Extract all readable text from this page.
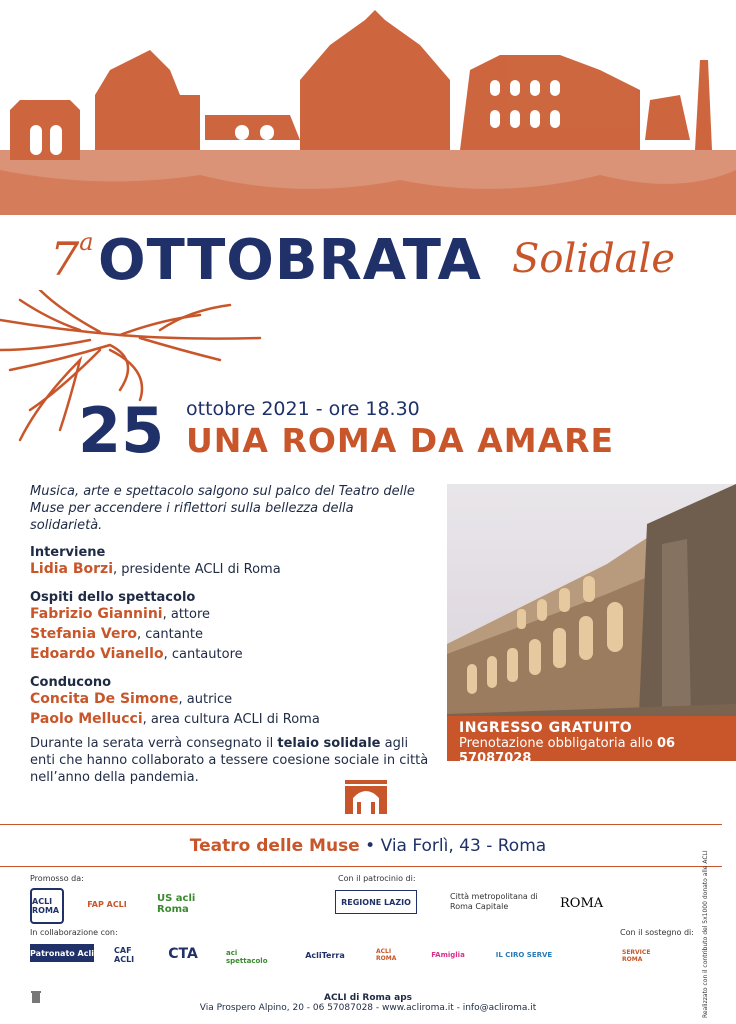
7$^a$ OTTOBRATA Solidale
25 ottobre 2021 - ore 18.30
UNA ROMA DA AMARE

Musica, arte e spettacolo salgono sul palco del Teatro delle Muse per accendere i riflettori sulla bellezza della solidarietà.

Interviene

Lidia Borzi, presidente ACLI di Roma

Ospiti dello spettacolo

Fabrizio Giannini, attore

Stefania Vero, cantante

Edoardo Vianello, cantautore

Conducono

Concita De Simone, autrice

Paolo Mellucci, area cultura ACLI di Roma

Durante la serata verrà consegnato il telaio solidale agli enti che hanno collaborato a tessere coesione sociale in città nell’anno della pandemia.

INGRESSO GRATUITO
Prenotazione obbligatoria allo 06 57087028
Teatro delle Muse • Via Forlì, 43 - Roma
Promosso da:
ACLI ROMA
FAP ACLI	US acli Roma
Con il patrocinio di:
REGIONE LAZIO
Città metropolitana di Roma Capitale	ROMA
In collaborazione con:
Patronato Acli	CAF ACLI	CTA	aci spettacolo
AcliTerra	ACLI ROMA	FAmiglia	IL CIRO SERVE
Con il sostegno di:
SERVICE ROMA
ACLI di Roma aps
Via Prospero Alpino, 20 - 06 57087028 - www.acliroma.it - info@acliroma.it	Realizzato con il contributo del 5x1000 donato alle ACLI
